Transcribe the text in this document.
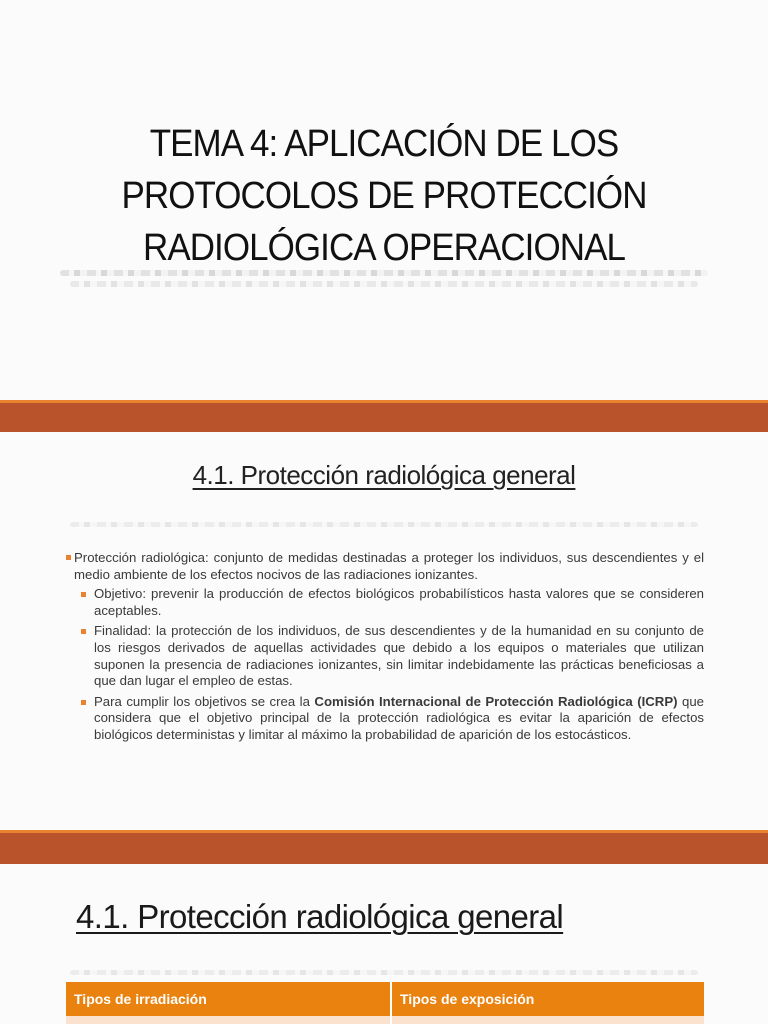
TEMA 4: APLICACIÓN DE LOS
PROTOCOLOS DE PROTECCIÓN
RADIOLÓGICA OPERACIONAL
4.1. Protección radiológica general

Protección radiológica: conjunto de medidas destinadas a proteger los individuos, sus descendientes y el medio ambiente de los efectos nocivos de las radiaciones ionizantes.

Objetivo: prevenir la producción de efectos biológicos probabilísticos hasta valores que se consideren aceptables.

Finalidad: la protección de los individuos, de sus descendientes y de la humanidad en su conjunto de los riesgos derivados de aquellas actividades que debido a los equipos o materiales que utilizan suponen la presencia de radiaciones ionizantes, sin limitar indebidamente las prácticas beneficiosas a que dan lugar el empleo de estas.

Para cumplir los objetivos se crea la Comisión Internacional de Protección Radiológica (ICRP) que considera que el objetivo principal de la protección radiológica es evitar la aparición de efectos biológicos deterministas y limitar al máximo la probabilidad de aparición de los estocásticos.

4.1. Protección radiológica general
Tipos de irradiación	Tipos de exposición
